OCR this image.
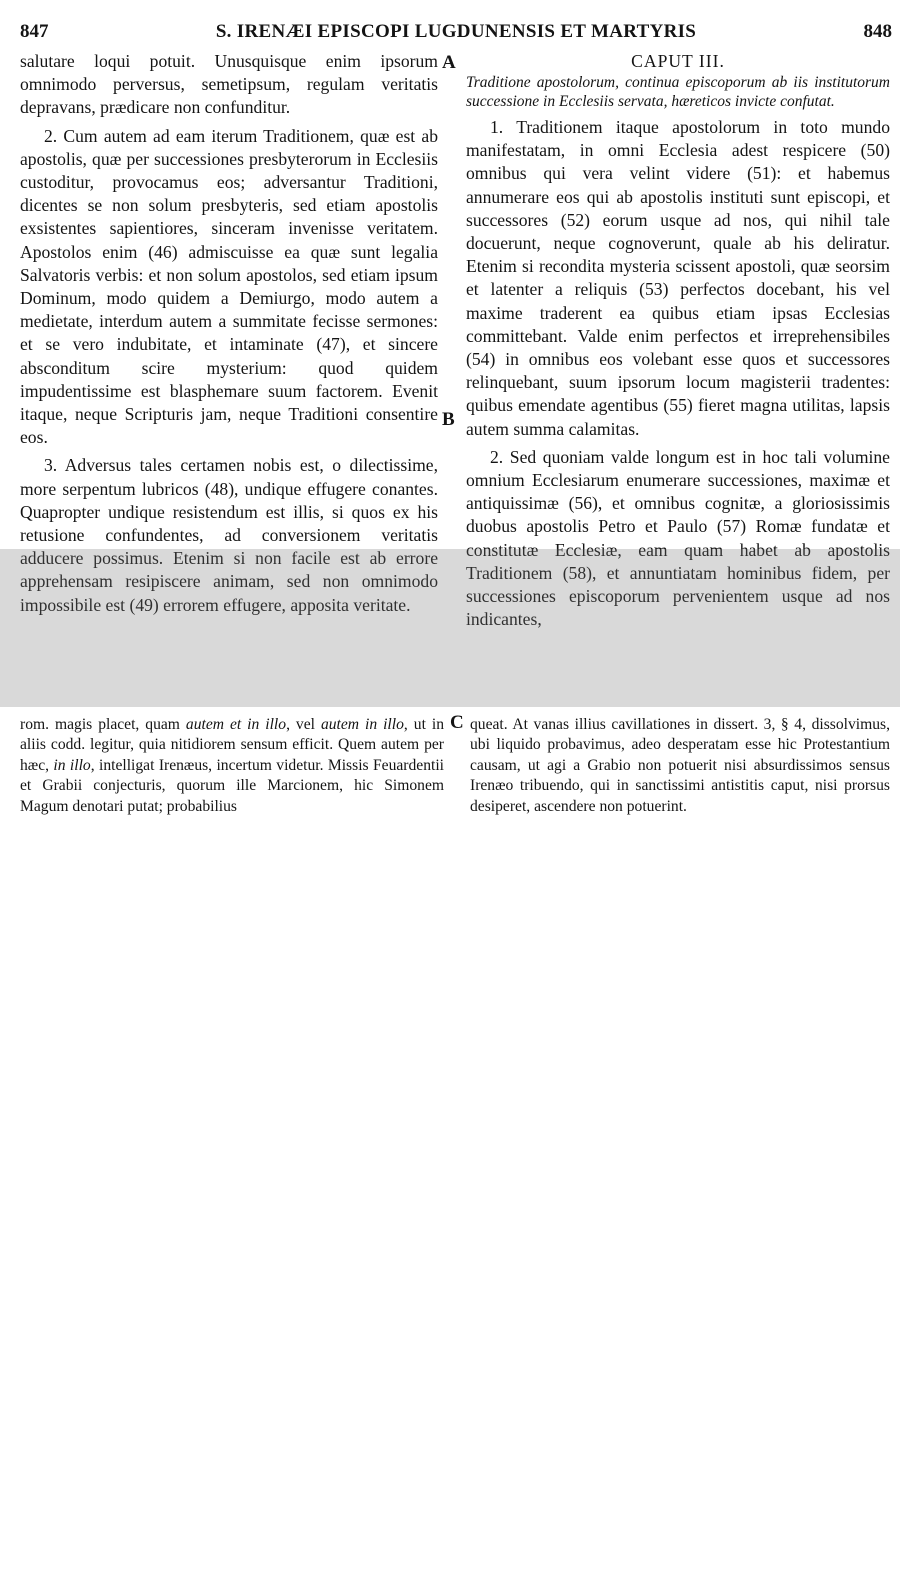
847	S. IRENÆI EPISCOPI LUGDUNENSIS ET MARTYRIS	848

salutare loqui potuit. Unusquisque enim ipsorum omnimodo perversus, semetipsum, regulam veritatis depravans, prædicare non confunditur.

2. Cum autem ad eam iterum Traditionem, quæ est ab apostolis, quæ per successiones presbyterorum in Ecclesiis custoditur, provocamus eos; adversantur Traditioni, dicentes se non solum presbyteris, sed etiam apostolis exsistentes sapientiores, sinceram invenisse veritatem. Apostolos enim (46) admiscuisse ea quæ sunt legalia Salvatoris verbis: et non solum apostolos, sed etiam ipsum Dominum, modo quidem a Demiurgo, modo autem a medietate, interdum autem a summitate fecisse sermones: et se vero indubitate, et intaminate (47), et sincere absconditum scire mysterium: quod quidem impudentissime est blasphemare suum factorem. Evenit itaque, neque Scripturis jam, neque Traditioni consentire eos.

3. Adversus tales certamen nobis est, o dilectissime, more serpentum lubricos (48), undique effugere conantes. Quapropter undique resistendum est illis, si quos ex his retusione confundentes, ad conversionem veritatis adducere possimus. Etenim si non facile est ab errore apprehensam resipiscere animam, sed non omnimodo impossibile est (49) errorem effugere, apposita veritate.

CAPUT III.

Traditione apostolorum, continua episcoporum ab iis institutorum successione in Ecclesiis servata, hæreticos invicte confutat.

1. Traditionem itaque apostolorum in toto mundo manifestatam, in omni Ecclesia adest respicere (50) omnibus qui vera velint videre (51): et habemus annumerare eos qui ab apostolis instituti sunt episcopi, et successores (52) eorum usque ad nos, qui nihil tale docuerunt, neque cognoverunt, quale ab his deliratur. Etenim si recondita mysteria scissent apostoli, quæ seorsim et latenter a reliquis (53) perfectos docebant, his vel maxime traderent ea quibus etiam ipsas Ecclesias committebant. Valde enim perfectos et irreprehensibiles (54) in omnibus eos volebant esse quos et successores relinquebant, suum ipsorum locum magisterii tradentes: quibus emendate agentibus (55) fieret magna utilitas, lapsis autem summa calamitas.

2. Sed quoniam valde longum est in hoc tali volumine omnium Ecclesiarum enumerare successiones, maximæ et antiquissimæ (56), et omnibus cognitæ, a gloriosissimis duobus apostolis Petro et Paulo (57) Romæ fundatæ et constitutæ Ecclesiæ, eam quam habet ab apostolis Traditionem (58), et annuntiatam hominibus fidem, per successiones episcoporum pervenientem usque ad nos indicantes,

A
B
C

rom. magis placet, quam autem et in illo, vel autem in illo, ut in aliis codd. legitur, quia nitidiorem sensum efficit. Quem autem per hæc, in illo, intelligat Irenæus, incertum videtur. Missis Feuardentii et Grabii conjecturis, quorum ille Marcionem, hic Simonem Magum denotari putat; probabilius

queat. At vanas illius cavillationes in dissert. 3, § 4, dissolvimus, ubi liquido probavimus, adeo desperatam esse hic Protestantium causam, ut agi a Grabio non potuerit nisi absurdissimos sensus Irenæo tribuendo, qui in sanctissimi antistitis caput, nisi prorsus desiperet, ascendere non potuerint.
